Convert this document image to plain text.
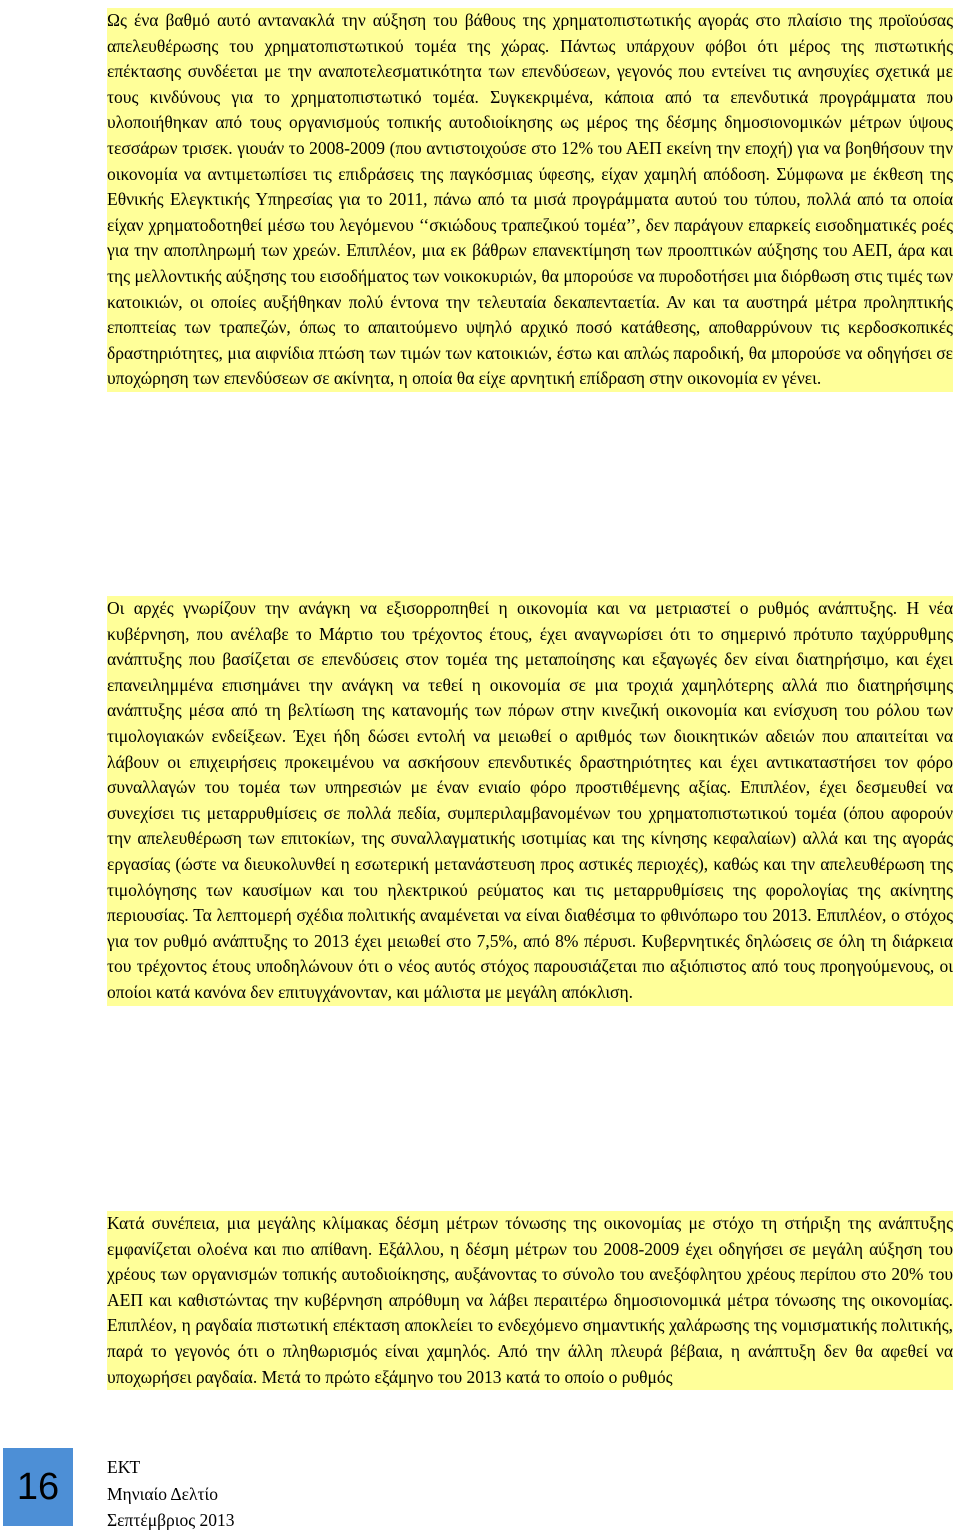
Ως ένα βαθμό αυτό αντανακλά την αύξηση του βάθους της χρηματοπιστωτικής αγοράς στο πλαίσιο της προϊούσας απελευθέρωσης του χρηματοπιστωτικού τομέα της χώρας. Πάντως υπάρχουν φόβοι ότι μέρος της πιστωτικής επέκτασης συνδέεται με την αναποτελεσματικότητα των επενδύσεων, γεγονός που εντείνει τις ανησυχίες σχετικά με τους κινδύνους για το χρηματοπιστωτικό τομέα. Συγκεκριμένα, κάποια από τα επενδυτικά προγράμματα που υλοποιήθηκαν από τους οργανισμούς τοπικής αυτοδιοίκησης ως μέρος της δέσμης δημοσιονομικών μέτρων ύψους τεσσάρων τρισεκ. γιουάν το 2008-2009 (που αντιστοιχούσε στο 12% του ΑΕΠ εκείνη την εποχή) για να βοηθήσουν την οικονομία να αντιμετωπίσει τις επιδράσεις της παγκόσμιας ύφεσης, είχαν χαμηλή απόδοση. Σύμφωνα με έκθεση της Εθνικής Ελεγκτικής Υπηρεσίας για το 2011, πάνω από τα μισά προγράμματα αυτού του τύπου, πολλά από τα οποία είχαν χρηματοδοτηθεί μέσω του λεγόμενου ‘‘σκιώδους τραπεζικού τομέα’’, δεν παράγουν επαρκείς εισοδηματικές ροές για την αποπληρωμή των χρεών. Επιπλέον, μια εκ βάθρων επανεκτίμηση των προοπτικών αύξησης του ΑΕΠ, άρα και της μελλοντικής αύξησης του εισοδήματος των νοικοκυριών, θα μπορούσε να πυροδοτήσει μια διόρθωση στις τιμές των κατοικιών, οι οποίες αυξήθηκαν πολύ έντονα την τελευταία δεκαπενταετία. Αν και τα αυστηρά μέτρα προληπτικής εποπτείας των τραπεζών, όπως το απαιτούμενο υψηλό αρχικό ποσό κατάθεσης, αποθαρρύνουν τις κερδοσκοπικές δραστηριότητες, μια αιφνίδια πτώση των τιμών των κατοικιών, έστω και απλώς παροδική, θα μπορούσε να οδηγήσει σε υποχώρηση των επενδύσεων σε ακίνητα, η οποία θα είχε αρνητική επίδραση στην οικονομία εν γένει.

Οι αρχές γνωρίζουν την ανάγκη να εξισορροπηθεί η οικονομία και να μετριαστεί ο ρυθμός ανάπτυξης. Η νέα κυβέρνηση, που ανέλαβε το Μάρτιο του τρέχοντος έτους, έχει αναγνωρίσει ότι το σημερινό πρότυπο ταχύρρυθμης ανάπτυξης που βασίζεται σε επενδύσεις στον τομέα της μεταποίησης και εξαγωγές δεν είναι διατηρήσιμο, και έχει επανειλημμένα επισημάνει την ανάγκη να τεθεί η οικονομία σε μια τροχιά χαμηλότερης αλλά πιο διατηρήσιμης ανάπτυξης μέσα από τη βελτίωση της κατανομής των πόρων στην κινεζική οικονομία και ενίσχυση του ρόλου των τιμολογιακών ενδείξεων. Έχει ήδη δώσει εντολή να μειωθεί ο αριθμός των διοικητικών αδειών που απαιτείται να λάβουν οι επιχειρήσεις προκειμένου να ασκήσουν επενδυτικές δραστηριότητες και έχει αντικαταστήσει τον φόρο συναλλαγών του τομέα των υπηρεσιών με έναν ενιαίο φόρο προστιθέμενης αξίας. Επιπλέον, έχει δεσμευθεί να συνεχίσει τις μεταρρυθμίσεις σε πολλά πεδία, συμπεριλαμβανομένων του χρηματοπιστωτικού τομέα (όπου αφορούν την απελευθέρωση των επιτοκίων, της συναλλαγματικής ισοτιμίας και της κίνησης κεφαλαίων) αλλά και της αγοράς εργασίας (ώστε να διευκολυνθεί η εσωτερική μετανάστευση προς αστικές περιοχές), καθώς και την απελευθέρωση της τιμολόγησης των καυσίμων και του ηλεκτρικού ρεύματος και τις μεταρρυθμίσεις της φορολογίας της ακίνητης περιουσίας. Τα λεπτομερή σχέδια πολιτικής αναμένεται να είναι διαθέσιμα το φθινόπωρο του 2013. Επιπλέον, ο στόχος για τον ρυθμό ανάπτυξης το 2013 έχει μειωθεί στο 7,5%, από 8% πέρυσι. Κυβερνητικές δηλώσεις σε όλη τη διάρκεια του τρέχοντος έτους υποδηλώνουν ότι ο νέος αυτός στόχος παρουσιάζεται πιο αξιόπιστος από τους προηγούμενους, οι οποίοι κατά κανόνα δεν επιτυγχάνονταν, και μάλιστα με μεγάλη απόκλιση.

Κατά συνέπεια, μια μεγάλης κλίμακας δέσμη μέτρων τόνωσης της οικονομίας με στόχο τη στήριξη της ανάπτυξης εμφανίζεται ολοένα και πιο απίθανη. Εξάλλου, η δέσμη μέτρων του 2008-2009 έχει οδηγήσει σε μεγάλη αύξηση του χρέους των οργανισμών τοπικής αυτοδιοίκησης, αυξάνοντας το σύνολο του ανεξόφλητου χρέους περίπου στο 20% του ΑΕΠ και καθιστώντας την κυβέρνηση απρόθυμη να λάβει περαιτέρω δημοσιονομικά μέτρα τόνωσης της οικονομίας. Επιπλέον, η ραγδαία πιστωτική επέκταση αποκλείει το ενδεχόμενο σημαντικής χαλάρωσης της νομισματικής πολιτικής, παρά το γεγονός ότι ο πληθωρισμός είναι χαμηλός. Από την άλλη πλευρά βέβαια, η ανάπτυξη δεν θα αφεθεί να υποχωρήσει ραγδαία. Μετά το πρώτο εξάμηνο του 2013 κατά το οποίο ο ρυθμός

16	ΕΚΤ
Μηνιαίο Δελτίο
Σεπτέμβριος 2013
